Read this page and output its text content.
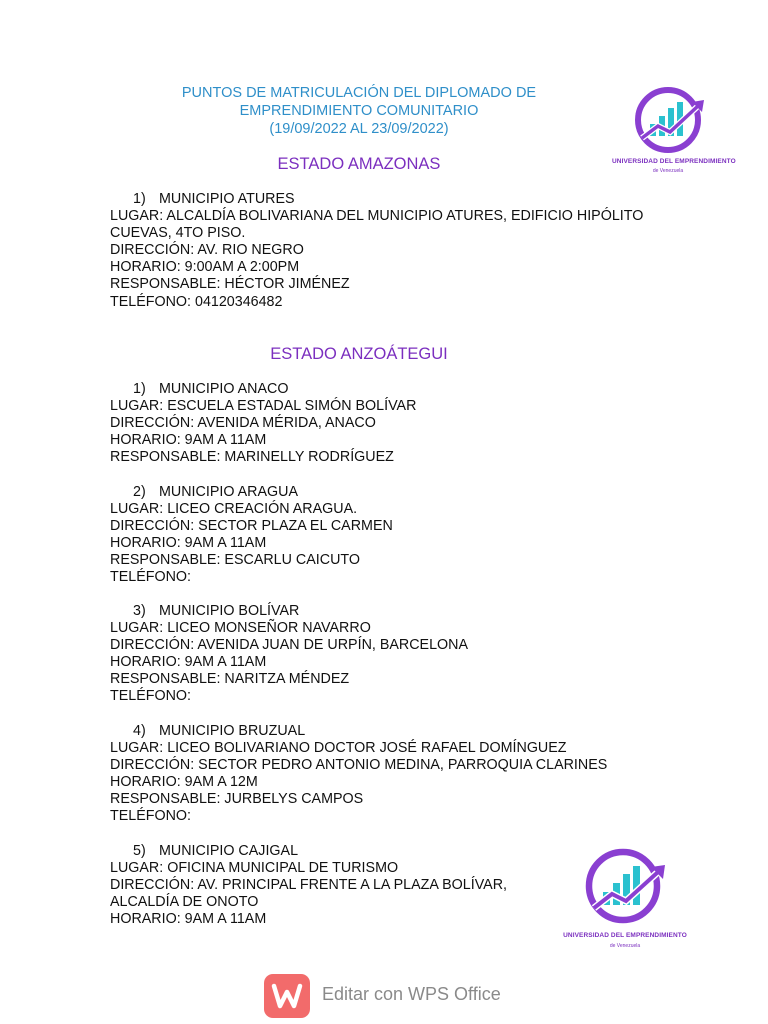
PUNTOS DE MATRICULACIÓN DEL DIPLOMADO DE
EMPRENDIMIENTO COMUNITARIO
(19/09/2022 AL 23/09/2022)
UNIVERSIDAD DEL EMPRENDIMIENTO
de Venezuela
ESTADO AMAZONAS
1) MUNICIPIO ATURES
LUGAR: ALCALDÍA BOLIVARIANA DEL MUNICIPIO ATURES, EDIFICIO HIPÓLITO
CUEVAS, 4TO PISO.
DIRECCIÓN: AV. RIO NEGRO
HORARIO: 9:00AM A 2:00PM
RESPONSABLE: HÉCTOR JIMÉNEZ
TELÉFONO: 04120346482
ESTADO ANZOÁTEGUI
1) MUNICIPIO ANACO
LUGAR: ESCUELA ESTADAL SIMÓN BOLÍVAR
DIRECCIÓN: AVENIDA MÉRIDA, ANACO
HORARIO: 9AM A 11AM
RESPONSABLE: MARINELLY RODRÍGUEZ
2) MUNICIPIO ARAGUA
LUGAR: LICEO CREACIÓN ARAGUA.
DIRECCIÓN: SECTOR PLAZA EL CARMEN
HORARIO: 9AM A 11AM
RESPONSABLE: ESCARLU CAICUTO
TELÉFONO:
3) MUNICIPIO BOLÍVAR
LUGAR: LICEO MONSEÑOR NAVARRO
DIRECCIÓN: AVENIDA JUAN DE URPÍN, BARCELONA
HORARIO: 9AM A 11AM
RESPONSABLE: NARITZA MÉNDEZ
TELÉFONO:
4) MUNICIPIO BRUZUAL
LUGAR: LICEO BOLIVARIANO DOCTOR JOSÉ RAFAEL DOMÍNGUEZ
DIRECCIÓN: SECTOR PEDRO ANTONIO MEDINA, PARROQUIA CLARINES
HORARIO: 9AM A 12M
RESPONSABLE: JURBELYS CAMPOS
TELÉFONO:
5) MUNICIPIO CAJIGAL
LUGAR: OFICINA MUNICIPAL DE TURISMO
DIRECCIÓN: AV. PRINCIPAL FRENTE A LA PLAZA BOLÍVAR,
ALCALDÍA DE ONOTO
HORARIO: 9AM A 11AM
UNIVERSIDAD DEL EMPRENDIMIENTO
de Venezuela
Editar con WPS Office
